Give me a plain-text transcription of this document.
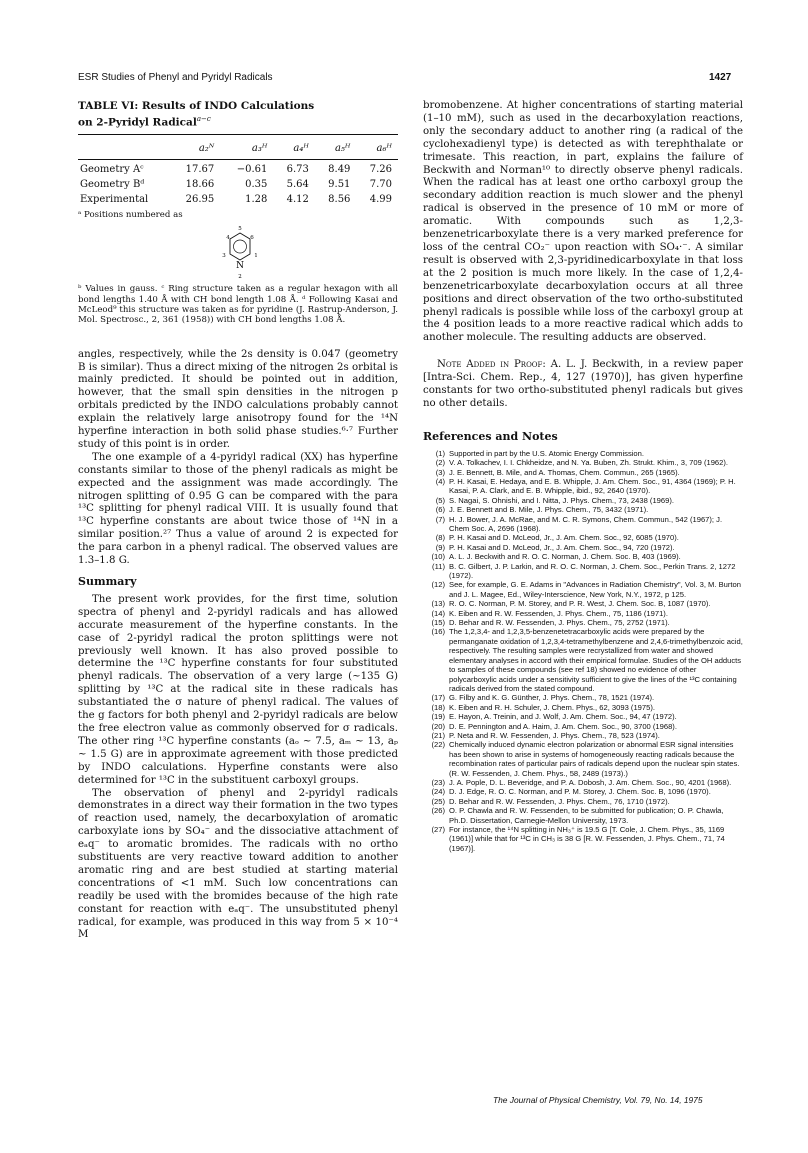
ESR Studies of Phenyl and Pyridyl Radicals	1427
TABLE VI: Results of INDO Calculations
on 2-Pyridyl Radical$^{a-c}$
	a₂ᴺ	a₃ᴴ	a₄ᴴ	a₅ᴴ	a₆ᴴ

Geometry Aᶜ	17.67	−0.61	6.73	8.49	7.26
Geometry Bᵈ	18.66	0.35	5.64	9.51	7.70
Experimental	26.95	1.28	4.12	8.56	4.99
ᵃ Positions numbered as
5
6
4
1
3
N
2
ᵇ Values in gauss. ᶜ Ring structure taken as a regular hexagon with all bond lengths 1.40 Å with CH bond length 1.08 Å. ᵈ Following Kasai and McLeod⁹ this structure was taken as for pyridine (J. Rastrup-Anderson, J. Mol. Spectrosc., 2, 361 (1958)) with CH bond lengths 1.08 Å.

angles, respectively, while the 2s density is 0.047 (geometry B is similar). Thus a direct mixing of the nitrogen 2s orbital is mainly predicted. It should be pointed out in addition, however, that the small spin densities in the nitrogen p orbitals predicted by the INDO calculations probably cannot explain the relatively large anisotropy found for the ¹⁴N hyperfine interaction in both solid phase studies.⁶·⁷ Further study of this point is in order.

The one example of a 4-pyridyl radical (XX) has hyperfine constants similar to those of the phenyl radicals as might be expected and the assignment was made accordingly. The nitrogen splitting of 0.95 G can be compared with the para ¹³C splitting for phenyl radical VIII. It is usually found that ¹³C hyperfine constants are about twice those of ¹⁴N in a similar position.²⁷ Thus a value of around 2 is expected for the para carbon in a phenyl radical. The observed values are 1.3–1.8 G.

Summary

The present work provides, for the first time, solution spectra of phenyl and 2-pyridyl radicals and has allowed accurate measurement of the hyperfine constants. In the case of 2-pyridyl radical the proton splittings were not previously well known. It has also proved possible to determine the ¹³C hyperfine constants for four substituted phenyl radicals. The observation of a very large (~135 G) splitting by ¹³C at the radical site in these radicals has substantiated the σ nature of phenyl radical. The values of the g factors for both phenyl and 2-pyridyl radicals are below the free electron value as commonly observed for σ radicals. The other ring ¹³C hyperfine constants (aₒ ~ 7.5, aₘ ~ 13, aₚ ~ 1.5 G) are in approximate agreement with those predicted by INDO calculations. Hyperfine constants were also determined for ¹³C in the substituent carboxyl groups.

The observation of phenyl and 2-pyridyl radicals demonstrates in a direct way their formation in the two types of reaction used, namely, the decarboxylation of aromatic carboxylate ions by SO₄⁻ and the dissociative attachment of eₐq⁻ to aromatic bromides. The radicals with no ortho substituents are very reactive toward addition to another aromatic ring and are best studied at starting material concentrations of <1 mM. Such low concentrations can readily be used with the bromides because of the high rate constant for reaction with eₐq⁻. The unsubstituted phenyl radical, for example, was produced in this way from 5 × 10⁻⁴ M

bromobenzene. At higher concentrations of starting material (1–10 mM), such as used in the decarboxylation reactions, only the secondary adduct to another ring (a radical of the cyclohexadienyl type) is detected as with terephthalate or trimesate. This reaction, in part, explains the failure of Beckwith and Norman¹⁰ to directly observe phenyl radicals. When the radical has at least one ortho carboxyl group the secondary addition reaction is much slower and the phenyl radical is observed in the presence of 10 mM or more of aromatic. With compounds such as 1,2,3-benzenetricarboxylate there is a very marked preference for loss of the central CO₂⁻ upon reaction with SO₄·⁻. A similar result is observed with 2,3-pyridinedicarboxylate in that loss at the 2 position is much more likely. In the case of 1,2,4-benzenetricarboxylate decarboxylation occurs at all three positions and direct observation of the two ortho-substituted phenyl radicals is possible while loss of the carboxyl group at the 4 position leads to a more reactive radical which adds to another molecule. The resulting adducts are observed.

Note Added in Proof: A. L. J. Beckwith, in a review paper [Intra-Sci. Chem. Rep., 4, 127 (1970)], has given hyperfine constants for two ortho-substituted phenyl radicals but gives no other details.

References and Notes
(1) Supported in part by the U.S. Atomic Energy Commission.
(2) V. A. Tolkachev, I. I. Chkheidze, and N. Ya. Buben, Zh. Strukt. Khim., 3, 709 (1962).
(3) J. E. Bennett, B. Mile, and A. Thomas, Chem. Commun., 265 (1965).
(4) P. H. Kasai, E. Hedaya, and E. B. Whipple, J. Am. Chem. Soc., 91, 4364 (1969); P. H. Kasai, P. A. Clark, and E. B. Whipple, ibid., 92, 2640 (1970).
(5) S. Nagai, S. Ohnishi, and I. Nitta, J. Phys. Chem., 73, 2438 (1969).
(6) J. E. Bennett and B. Mile, J. Phys. Chem., 75, 3432 (1971).
(7) H. J. Bower, J. A. McRae, and M. C. R. Symons, Chem. Commun., 542 (1967); J. Chem Soc. A, 2696 (1968).
(8) P. H. Kasai and D. McLeod, Jr., J. Am. Chem. Soc., 92, 6085 (1970).
(9) P. H. Kasai and D. McLeod, Jr., J. Am. Chem. Soc., 94, 720 (1972).
(10) A. L. J. Beckwith and R. O. C. Norman, J. Chem. Soc. B, 403 (1969).
(11) B. C. Gilbert, J. P. Larkin, and R. O. C. Norman, J. Chem. Soc., Perkin Trans. 2, 1272 (1972).
(12) See, for example, G. E. Adams in "Advances in Radiation Chemistry", Vol. 3, M. Burton and J. L. Magee, Ed., Wiley-Interscience, New York, N.Y., 1972, p 125.
(13) R. O. C. Norman, P. M. Storey, and P. R. West, J. Chem. Soc. B, 1087 (1970).
(14) K. Eiben and R. W. Fessenden, J. Phys. Chem., 75, 1186 (1971).
(15) D. Behar and R. W. Fessenden, J. Phys. Chem., 75, 2752 (1971).
(16) The 1,2,3,4- and 1,2,3,5-benzenetetracarboxylic acids were prepared by the permanganate oxidation of 1,2,3,4-tetramethylbenzene and 2,4,6-trimethylbenzoic acid, respectively. The resulting samples were recrystallized from water and showed elementary analyses in accord with their empirical formulae. Studies of the OH adducts to samples of these compounds (see ref 18) showed no evidence of other polycarboxylic acids under a sensitivity sufficient to give the lines of the ¹³C containing radicals derived from the stated compound.
(17) G. Filby and K. G. Günther, J. Phys. Chem., 78, 1521 (1974).
(18) K. Eiben and R. H. Schuler, J. Chem. Phys., 62, 3093 (1975).
(19) E. Hayon, A. Treinin, and J. Wolf, J. Am. Chem. Soc., 94, 47 (1972).
(20) D. E. Pennington and A. Haim, J. Am. Chem. Soc., 90, 3700 (1968).
(21) P. Neta and R. W. Fessenden, J. Phys. Chem., 78, 523 (1974).
(22) Chemically induced dynamic electron polarization or abnormal ESR signal intensities has been shown to arise in systems of homogeneously reacting radicals because the recombination rates of particular pairs of radicals depend upon the nuclear spin states. (R. W. Fessenden, J. Chem. Phys., 58, 2489 (1973).)
(23) J. A. Pople, D. L. Beveridge, and P. A. Dobosh, J. Am. Chem. Soc., 90, 4201 (1968).
(24) D. J. Edge, R. O. C. Norman, and P. M. Storey, J. Chem. Soc. B, 1096 (1970).
(25) D. Behar and R. W. Fessenden, J. Phys. Chem., 76, 1710 (1972).
(26) O. P. Chawla and R. W. Fessenden, to be submitted for publication; O. P. Chawla, Ph.D. Dissertation, Carnegie-Mellon University, 1973.
(27) For instance, the ¹⁴N splitting in NH₃⁺ is 19.5 G [T. Cole, J. Chem. Phys., 35, 1169 (1961)] while that for ¹³C in CH₃ is 38 G [R. W. Fessenden, J. Phys. Chem., 71, 74 (1967)].
The Journal of Physical Chemistry, Vol. 79, No. 14, 1975
